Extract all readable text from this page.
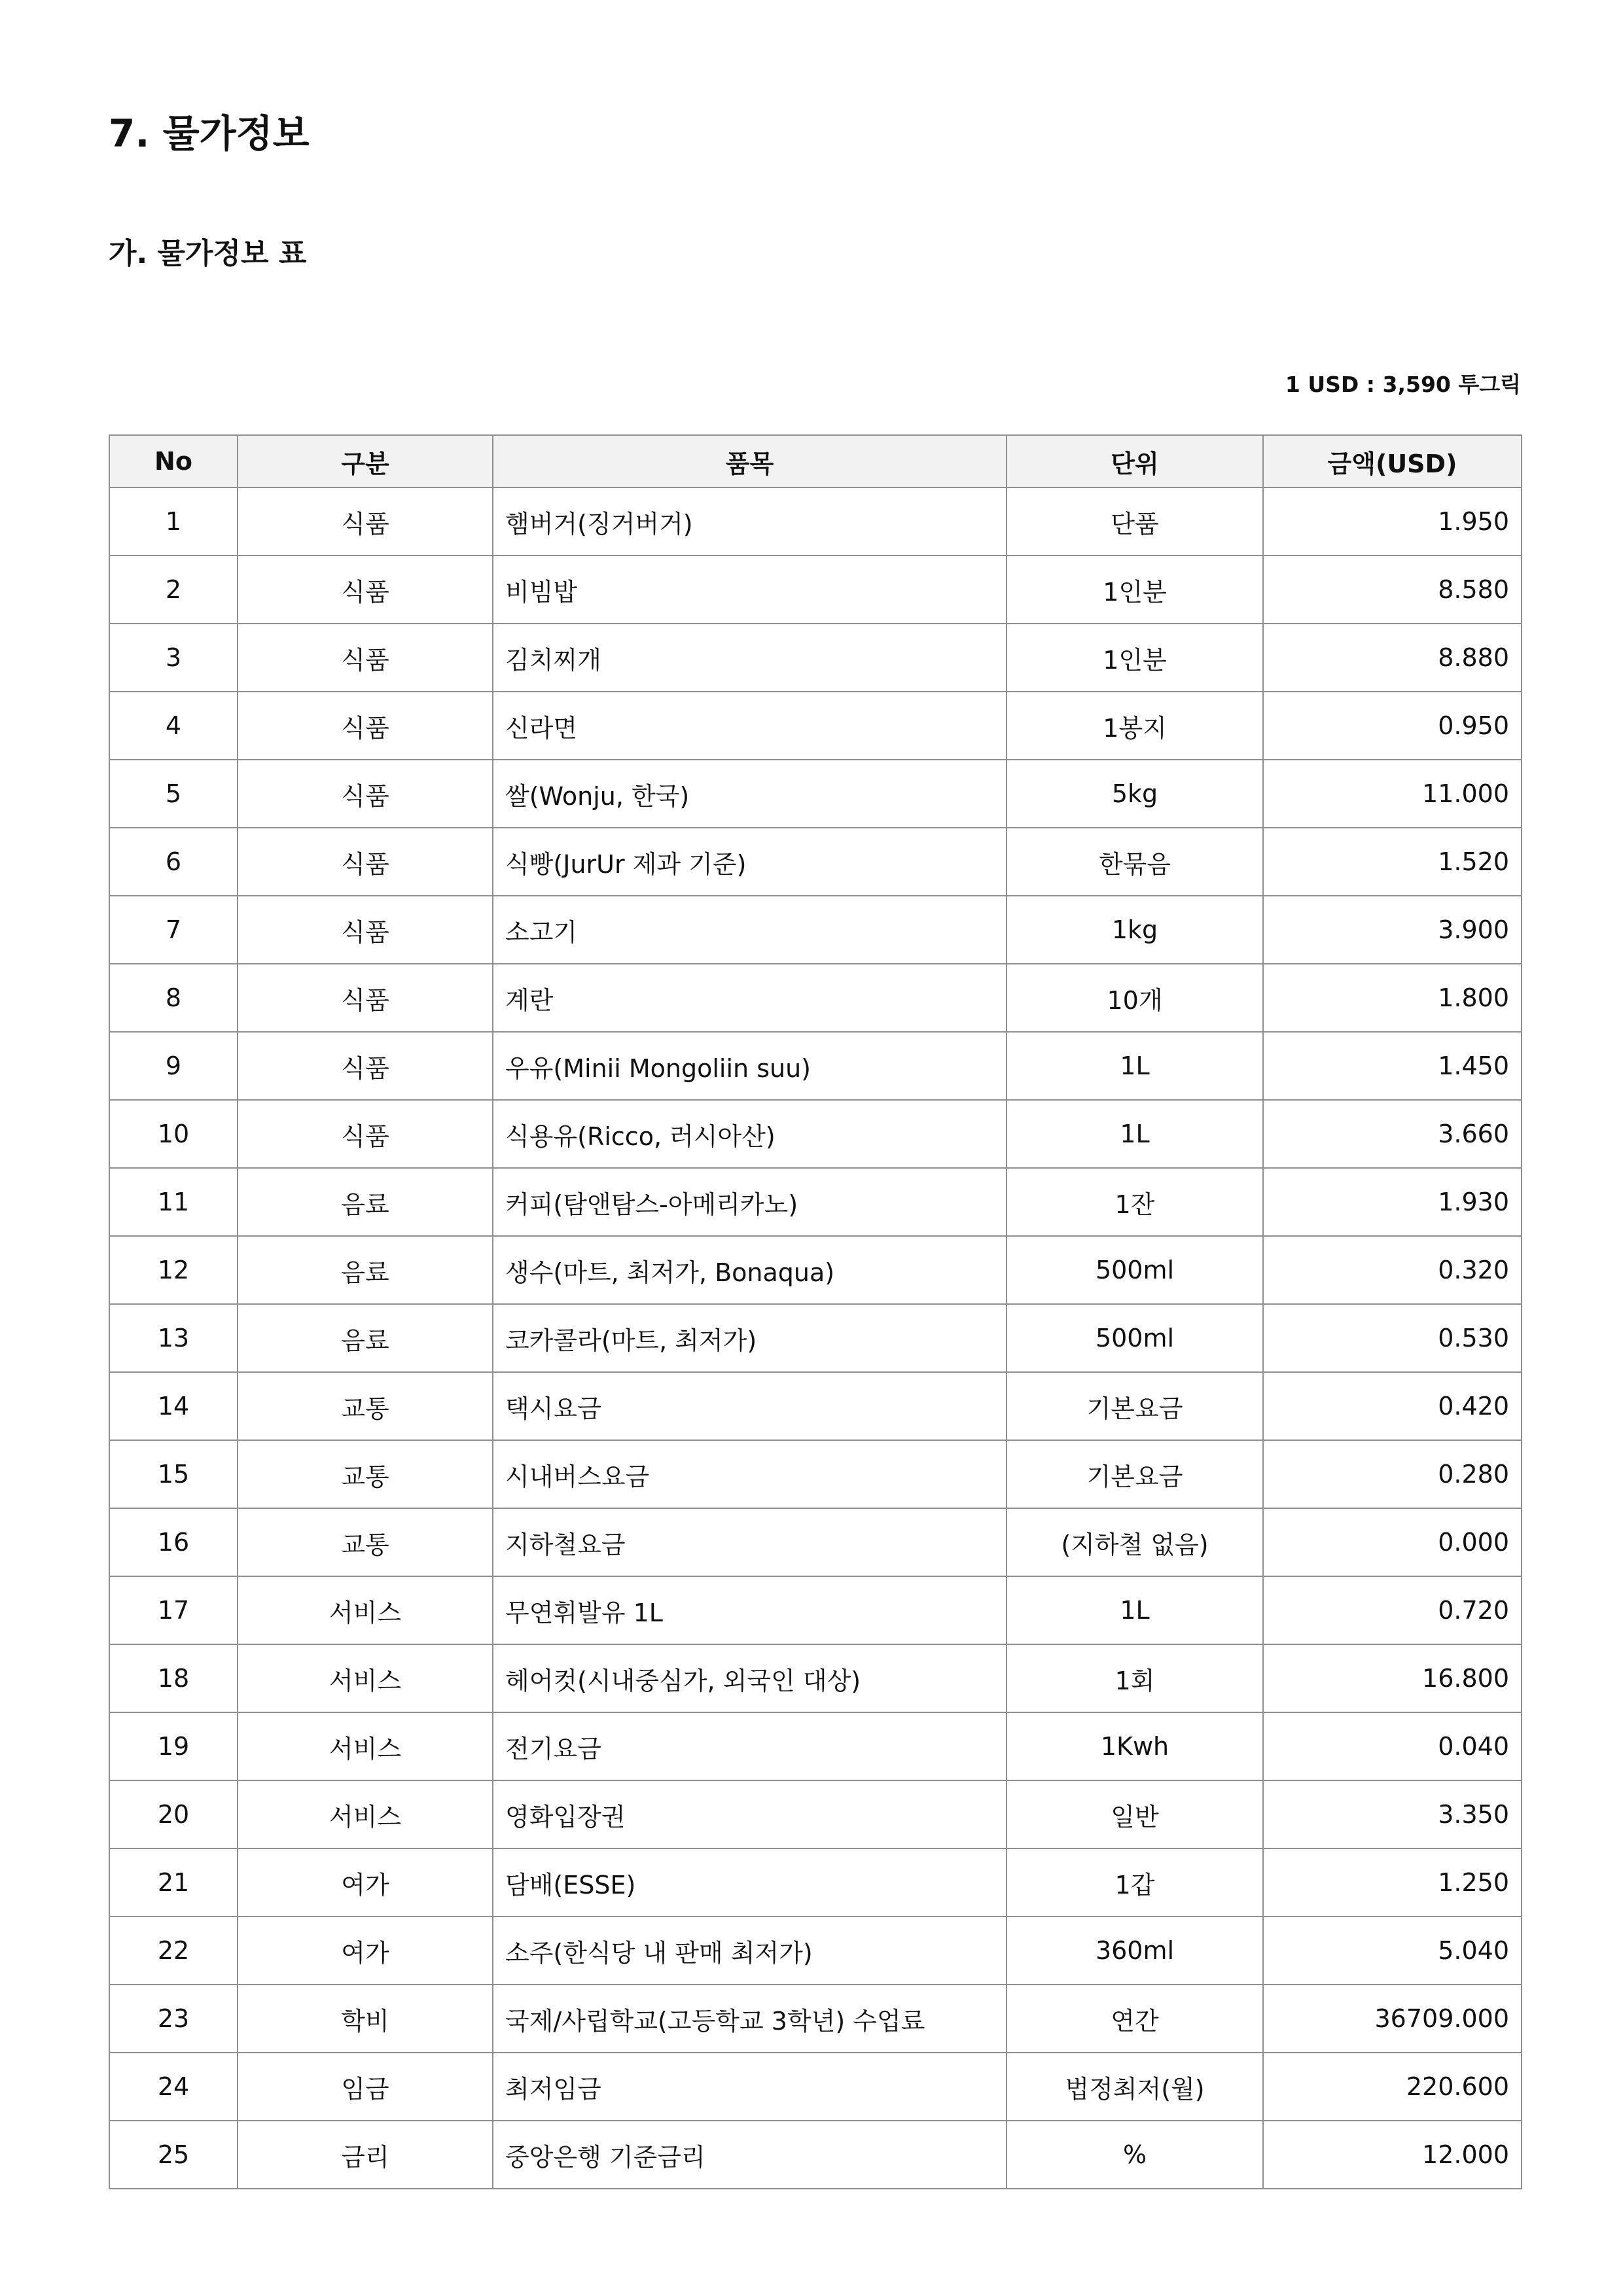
7. 물가정보
가. 물가정보 표
1 USD : 3,590 투그릭
No	구분	품목	단위	금액(USD)
1	식품	햄버거(징거버거)	단품	1.950
2	식품	비빔밥	1인분	8.580
3	식품	김치찌개	1인분	8.880
4	식품	신라면	1봉지	0.950
5	식품	쌀(Wonju, 한국)	5kg	11.000
6	식품	식빵(JurUr 제과 기준)	한묶음	1.520
7	식품	소고기	1kg	3.900
8	식품	계란	10개	1.800
9	식품	우유(Minii Mongoliin suu)	1L	1.450
10	식품	식용유(Ricco, 러시아산)	1L	3.660
11	음료	커피(탐앤탐스-아메리카노)	1잔	1.930
12	음료	생수(마트, 최저가, Bonaqua)	500ml	0.320
13	음료	코카콜라(마트, 최저가)	500ml	0.530
14	교통	택시요금	기본요금	0.420
15	교통	시내버스요금	기본요금	0.280
16	교통	지하철요금	(지하철 없음)	0.000
17	서비스	무연휘발유 1L	1L	0.720
18	서비스	헤어컷(시내중심가, 외국인 대상)	1회	16.800
19	서비스	전기요금	1Kwh	0.040
20	서비스	영화입장권	일반	3.350
21	여가	담배(ESSE)	1갑	1.250
22	여가	소주(한식당 내 판매 최저가)	360ml	5.040
23	학비	국제/사립학교(고등학교 3학년) 수업료	연간	36709.000
24	임금	최저임금	법정최저(월)	220.600
25	금리	중앙은행 기준금리	%	12.000
